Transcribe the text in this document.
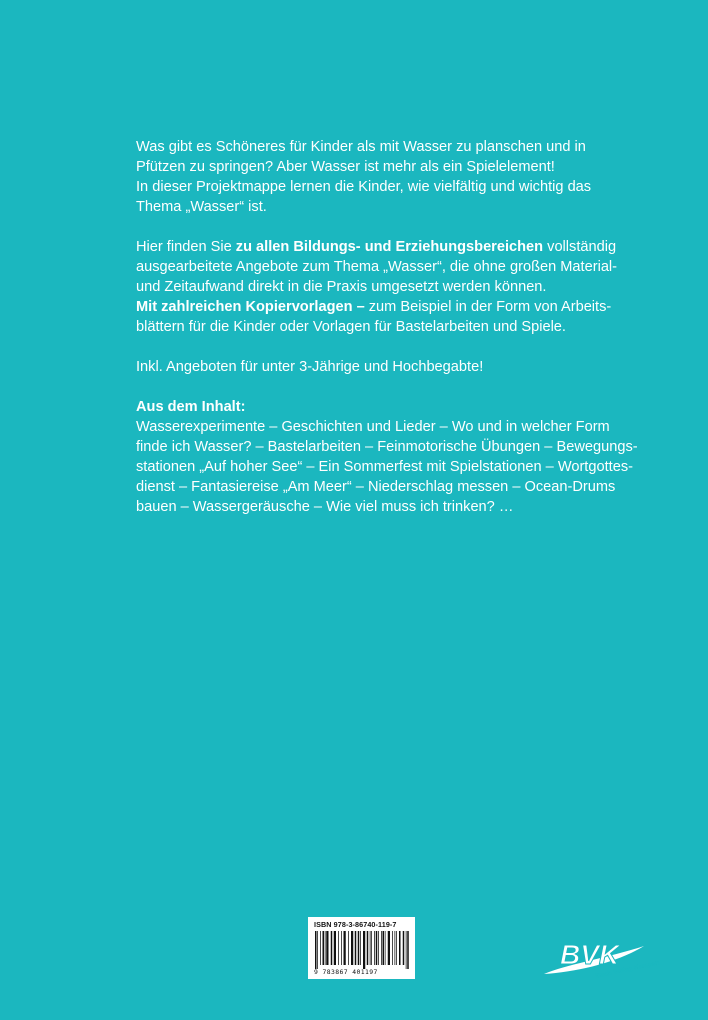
Was gibt es Schöneres für Kinder als mit Wasser zu planschen und in
Pfützen zu springen? Aber Wasser ist mehr als ein Spielelement!
In dieser Projektmappe lernen die Kinder, wie vielfältig und wichtig das
Thema „Wasser“ ist.

Hier finden Sie zu allen Bildungs- und Erziehungsbereichen vollständig
ausgearbeitete Angebote zum Thema „Wasser“, die ohne großen Material-
und Zeitaufwand direkt in die Praxis umgesetzt werden können.
Mit zahlreichen Kopiervorlagen – zum Beispiel in der Form von Arbeits-
blättern für die Kinder oder Vorlagen für Bastelarbeiten und Spiele.

Inkl. Angeboten für unter 3-Jährige und Hochbegabte!

Aus dem Inhalt:
Wasserexperimente – Geschichten und Lieder – Wo und in welcher Form
finde ich Wasser? – Bastelarbeiten – Feinmotorische Übungen – Bewegungs-
stationen „Auf hoher See“ – Ein Sommerfest mit Spielstationen – Wortgottes-
dienst – Fantasiereise „Am Meer“ – Niederschlag messen – Ocean-Drums
bauen – Wassergeräusche – Wie viel muss ich trinken? …

ISBN 978-3-86740-119-7
9 783867 401197
BVK
Buch Verlag Kempen
